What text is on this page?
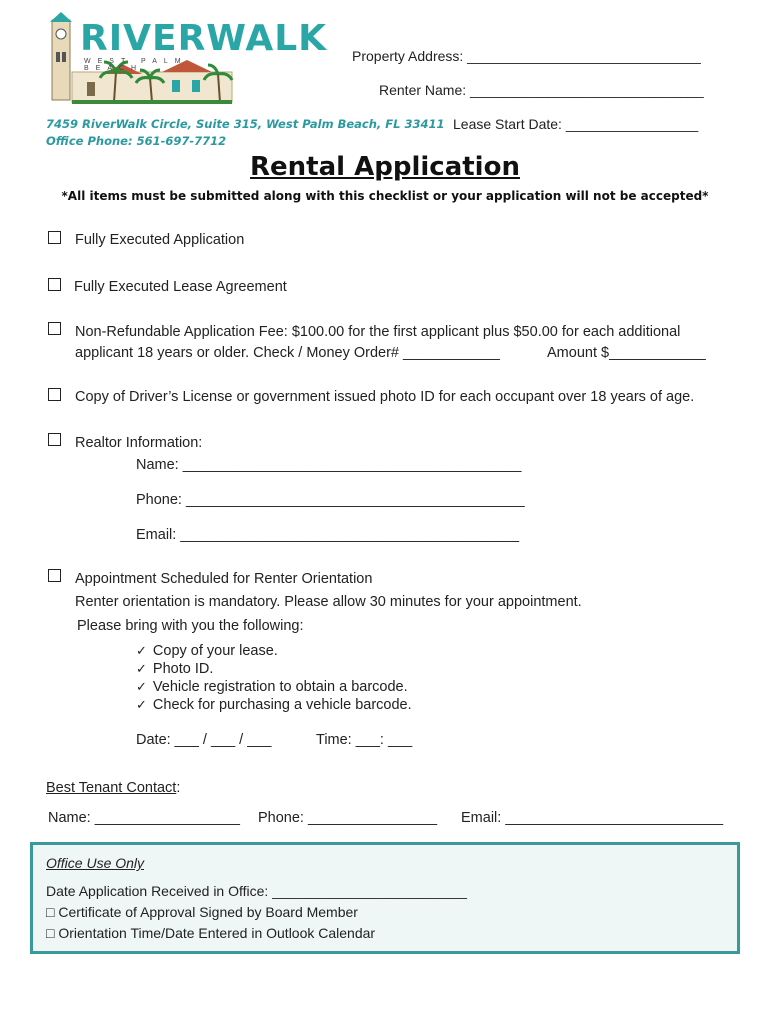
RIVERWALK
WEST PALM BEACH
7459 RiverWalk Circle, Suite 315, West Palm Beach, FL 33411
Office Phone: 561-697-7712
Property Address: ______________________________
Renter Name: ______________________________
Lease Start Date: _________________
Rental Application
*All items must be submitted along with this checklist or your application will not be accepted*
Fully Executed Application
Fully Executed Lease Agreement
Non-Refundable Application Fee: $100.00 for the first applicant plus $50.00 for each additional
applicant 18 years or older. Check / Money Order# ____________	Amount $____________
Copy of Driver’s License or government issued photo ID for each occupant over 18 years of age.
Realtor Information:
Name: __________________________________________
Phone: __________________________________________
Email: __________________________________________
Appointment Scheduled for Renter Orientation
Renter orientation is mandatory. Please allow 30 minutes for your appointment.
Please bring with you the following:
✓ Copy of your lease.
✓ Photo ID.
✓ Vehicle registration to obtain a barcode.
✓ Check for purchasing a vehicle barcode.
Date: ___ / ___ / ___	Time: ___: ___
Best Tenant Contact:
Name: __________________ Phone: ________________ Email: ___________________________
Office Use Only
Date Application Received in Office: _________________________
□ Certificate of Approval Signed by Board Member
□ Orientation Time/Date Entered in Outlook Calendar
